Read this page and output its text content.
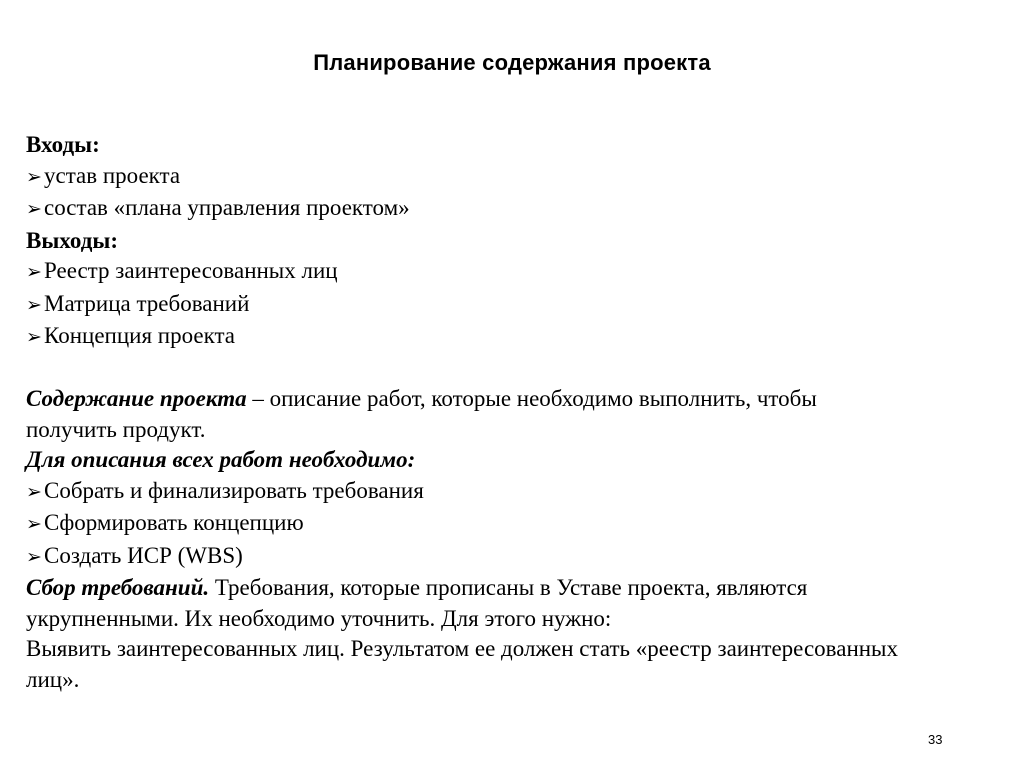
Планирование содержания проекта
Входы:
➢устав проекта
➢состав «плана управления проектом»
Выходы:
➢Реестр заинтересованных лиц
➢Матрица требований
➢Концепция проекта
Содержание проекта – описание работ, которые необходимо выполнить, чтобы
получить продукт.
Для описания всех работ необходимо:
➢Собрать и финализировать требования
➢Сформировать концепцию
➢Создать ИСР (WBS)
Сбор требований. Требования, которые прописаны в Уставе проекта, являются
укрупненными. Их необходимо уточнить. Для этого нужно:
Выявить заинтересованных лиц. Результатом ее должен стать «реестр заинтересованных
лиц».
33
